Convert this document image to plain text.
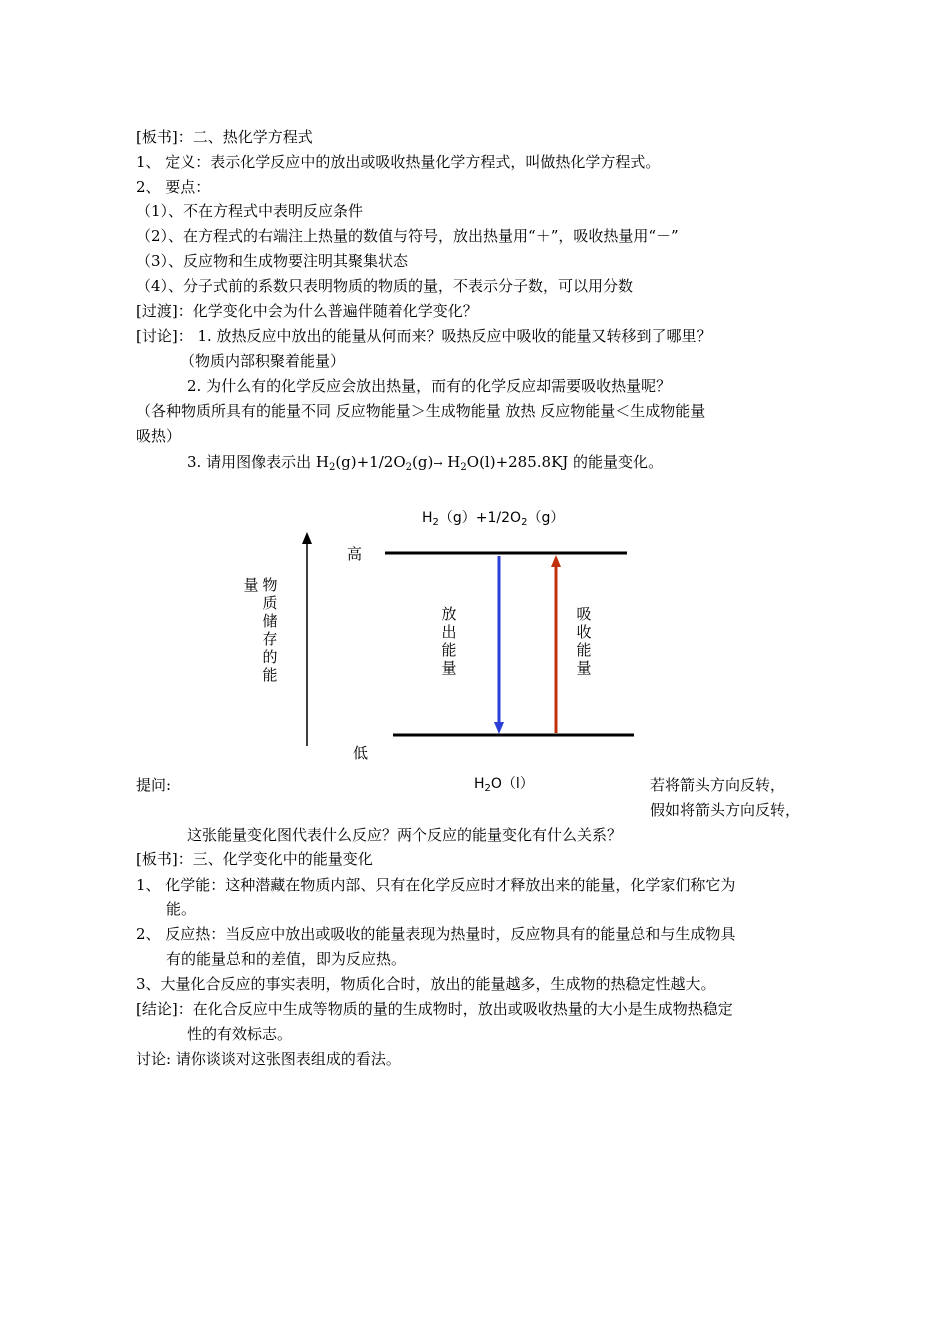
[板书]：二、热化学方程式
1、 定义：表示化学反应中的放出或吸收热量化学方程式，叫做热化学方程式。
2、 要点：
（1）、不在方程式中表明反应条件
（2）、在方程式的右端注上热量的数值与符号，放出热量用“＋”，吸收热量用“－”
（3）、反应物和生成物要注明其聚集状态
（4）、分子式前的系数只表明物质的物质的量，不表示分子数，可以用分数
[过渡]：化学变化中会为什么普遍伴随着化学变化？
[讨论]： 1. 放热反应中放出的能量从何而来？吸热反应中吸收的能量又转移到了哪里？
（物质内部积聚着能量）
2. 为什么有的化学反应会放出热量，而有的化学反应却需要吸收热量呢？
（各种物质所具有的能量不同 反应物能量＞生成物能量 放热 反应物能量＜生成物能量
吸热）
3. 请用图像表示出 $H_2(g)+1/2O_2(g)\to H_2O(l)+285.8KJ$ 的能量变化。
$H_2(g)+1/2O_2(g)$
高
低
量 物质储存的能
放出能量
吸收能量
$H_2O(l)$
提问:	若将箭头方向反转，
假如将箭头方向反转，
这张能量变化图代表什么反应？两个反应的能量变化有什么关系？
[板书]：三、化学变化中的能量变化
1、 化学能：这种潜藏在物质内部、只有在化学反应时才释放出来的能量，化学家们称它为
能。
2、 反应热：当反应中放出或吸收的能量表现为热量时，反应物具有的能量总和与生成物具
有的能量总和的差值，即为反应热。
3、大量化合反应的事实表明，物质化合时，放出的能量越多，生成物的热稳定性越大。
[结论]：在化合反应中生成等物质的量的生成物时，放出或吸收热量的大小是生成物热稳定
性的有效标志。
讨论: 请你谈谈对这张图表组成的看法。
